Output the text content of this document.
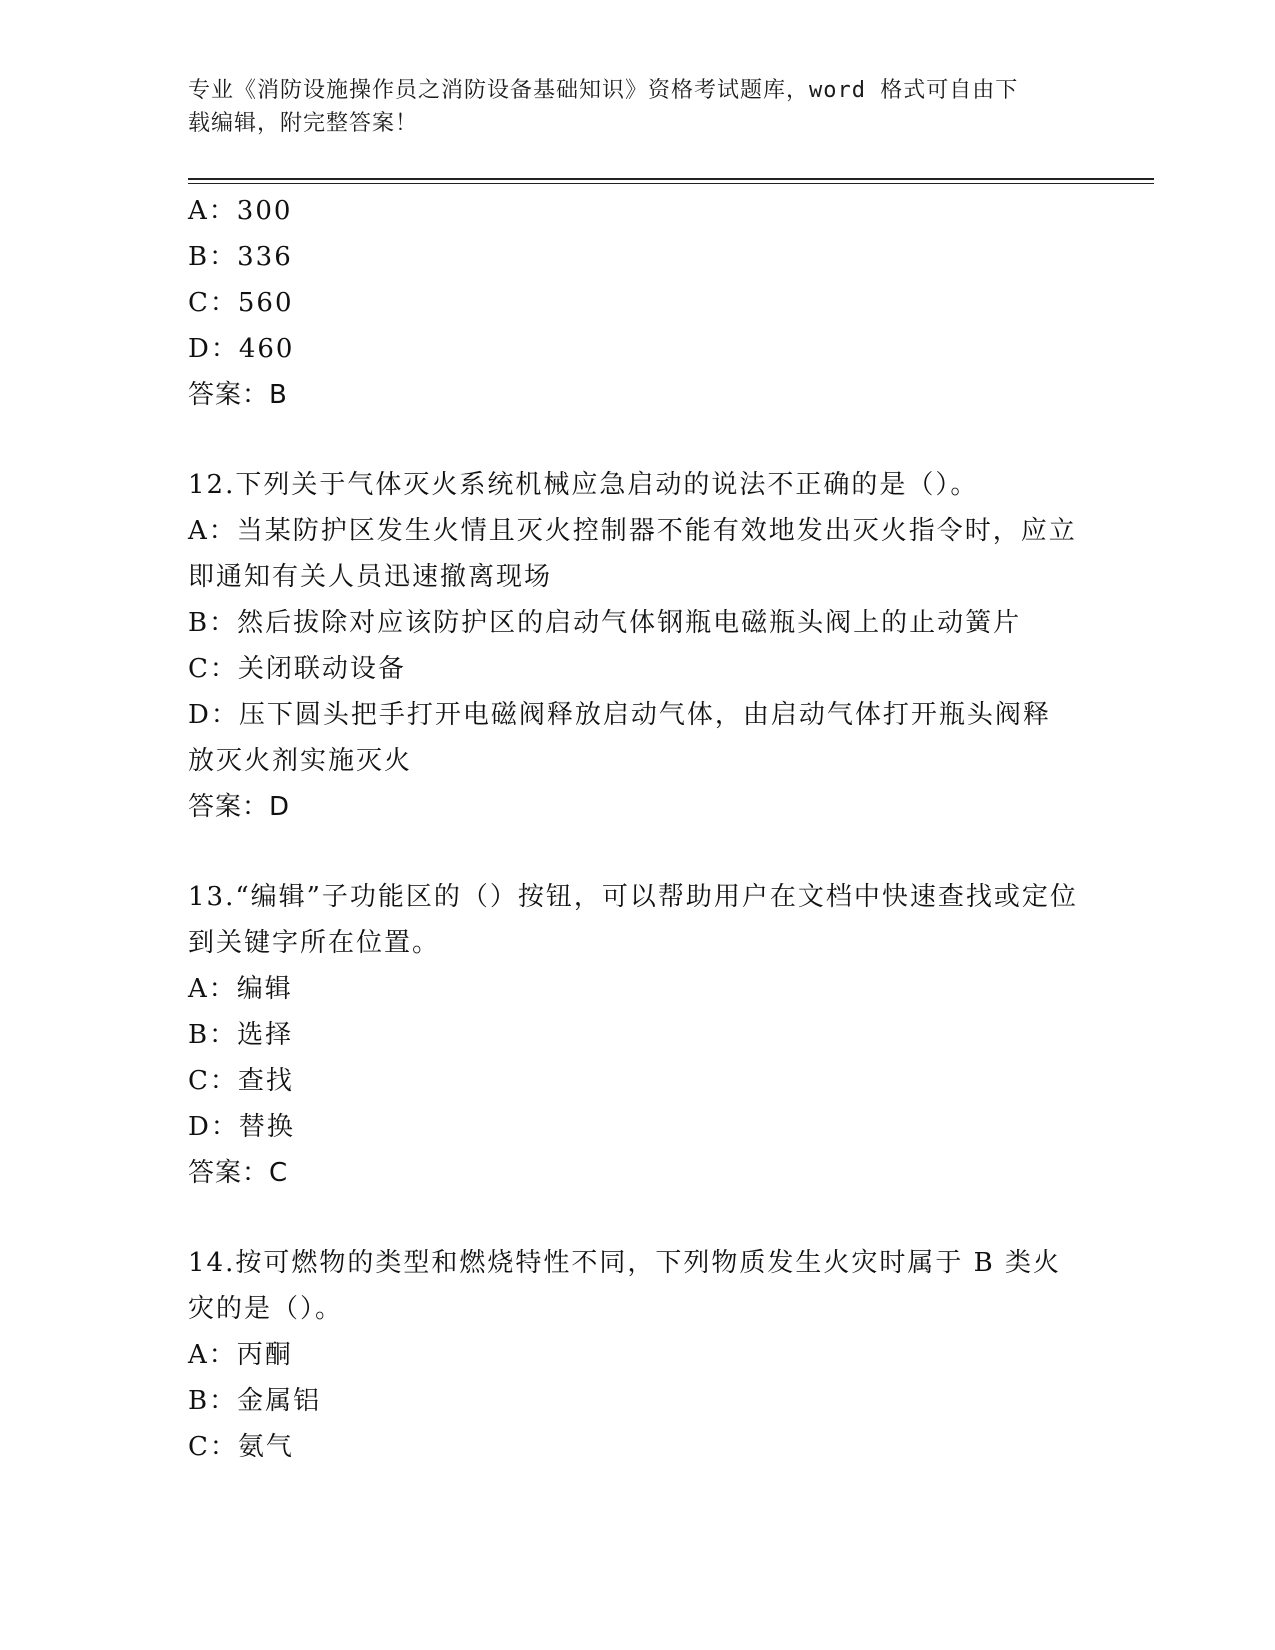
专业《消防设施操作员之消防设备基础知识》资格考试题库，word 格式可自由下
载编辑，附完整答案！
A：300
B：336
C：560
D：460
答案：B
12.下列关于气体灭火系统机械应急启动的说法不正确的是（）。
A：当某防护区发生火情且灭火控制器不能有效地发出灭火指令时，应立即通知有关人员迅速撤离现场
B：然后拔除对应该防护区的启动气体钢瓶电磁瓶头阀上的止动簧片
C：关闭联动设备
D：压下圆头把手打开电磁阀释放启动气体，由启动气体打开瓶头阀释放灭火剂实施灭火
答案：D
13.“编辑”子功能区的（）按钮，可以帮助用户在文档中快速查找或定位到关键字所在位置。
A：编辑
B：选择
C：查找
D：替换
答案：C
14.按可燃物的类型和燃烧特性不同，下列物质发生火灾时属于 B 类火灾的是（）。
A：丙酮
B：金属铝
C：氨气
